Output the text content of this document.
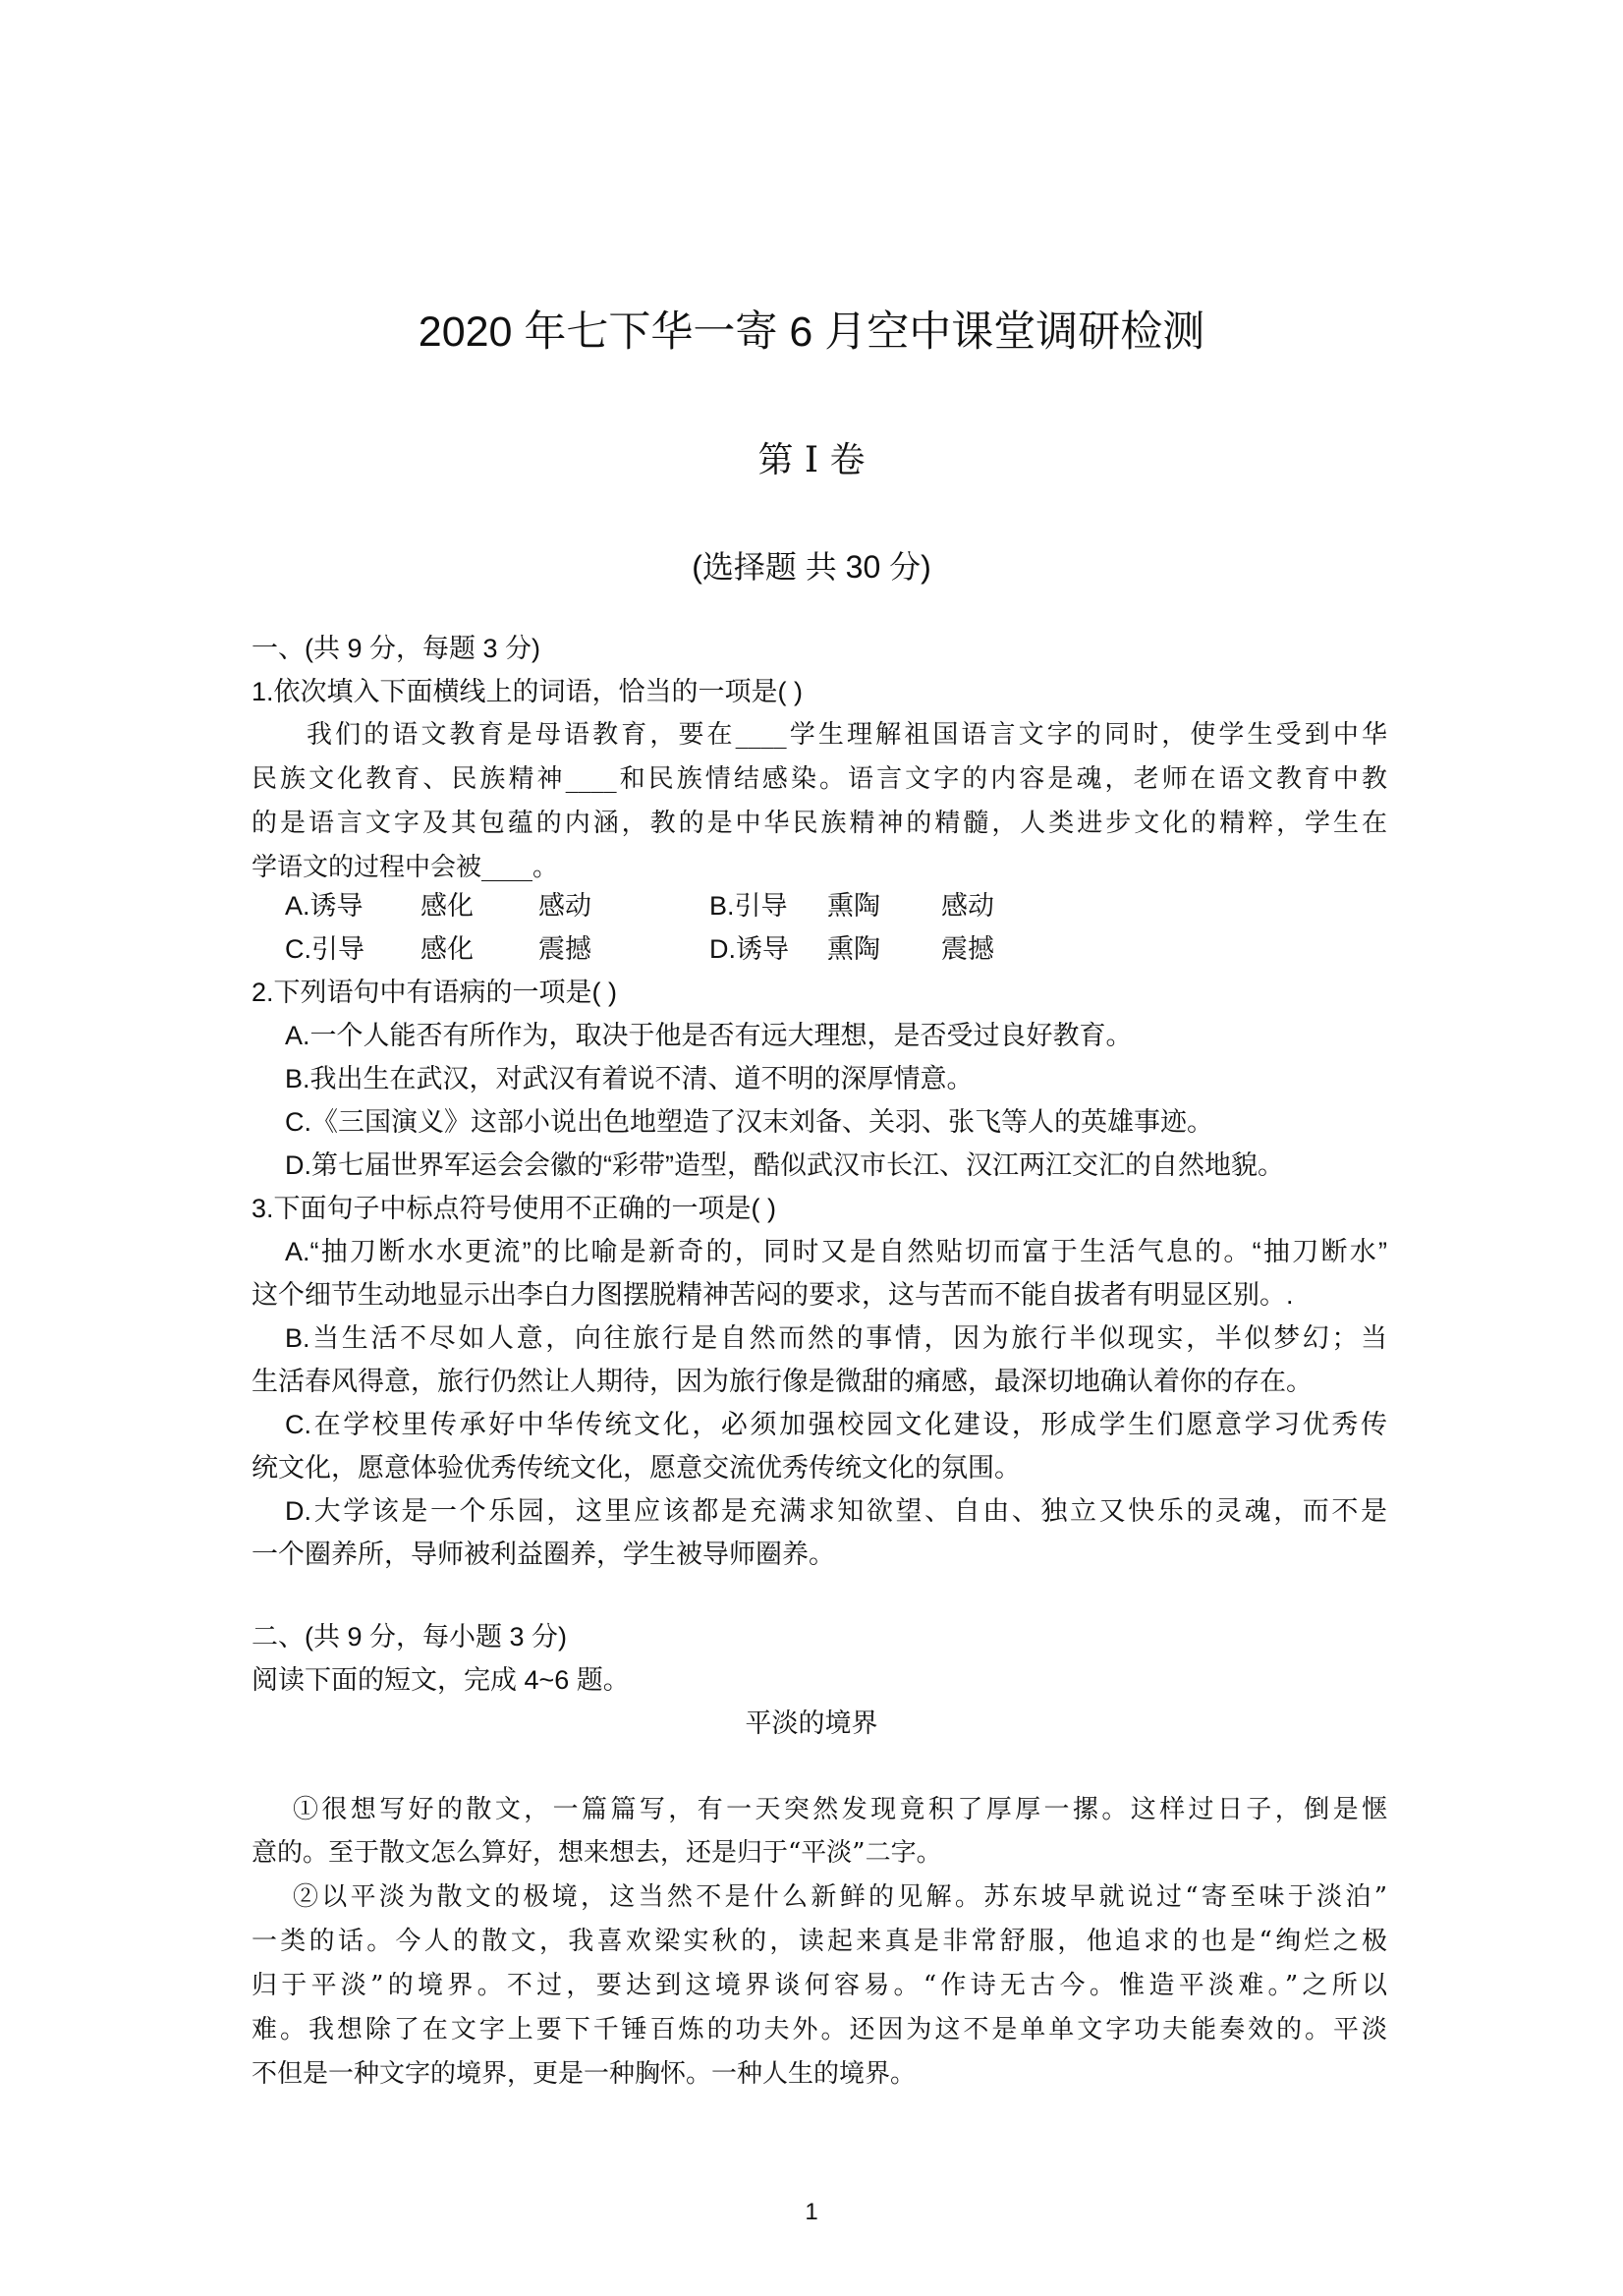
2020 年七下华一寄 6 月空中课堂调研检测
第 I 卷
(选择题 共 30 分)
一、(共 9 分，每题 3 分)
1.依次填入下面横线上的词语，恰当的一项是( )
我们的语文教育是母语教育，要在____学生理解祖国语言文字的同时，使学生受到中华
民族文化教育、民族精神____和民族情结感染。语言文字的内容是魂，老师在语文教育中教
的是语言文字及其包蕴的内涵，教的是中华民族精神的精髓，人类进步文化的精粹，学生在
学语文的过程中会被____。
A.诱导 感化 感动	B.引导 熏陶 感动
C.引导 感化 震撼	D.诱导 熏陶 震撼
2.下列语句中有语病的一项是( )
A.一个人能否有所作为，取决于他是否有远大理想，是否受过良好教育。
B.我出生在武汉，对武汉有着说不清、道不明的深厚情意。
C.《三国演义》这部小说出色地塑造了汉末刘备、关羽、张飞等人的英雄事迹。
D.第七届世界军运会会徽的“彩带”造型，酷似武汉市长江、汉江两江交汇的自然地貌。
3.下面句子中标点符号使用不正确的一项是( )
A.“抽刀断水水更流”的比喻是新奇的，同时又是自然贴切而富于生活气息的。“抽刀断水”
这个细节生动地显示出李白力图摆脱精神苦闷的要求，这与苦而不能自拔者有明显区别。.
B.当生活不尽如人意，向往旅行是自然而然的事情，因为旅行半似现实，半似梦幻；当
生活春风得意，旅行仍然让人期待，因为旅行像是微甜的痛感，最深切地确认着你的存在。
C.在学校里传承好中华传统文化，必须加强校园文化建设，形成学生们愿意学习优秀传
统文化，愿意体验优秀传统文化，愿意交流优秀传统文化的氛围。
D.大学该是一个乐园，这里应该都是充满求知欲望、自由、独立又快乐的灵魂，而不是
一个圈养所，导师被利益圈养，学生被导师圈养。
二、(共 9 分，每小题 3 分)
阅读下面的短文，完成 4~6 题。
平淡的境界
①很想写好的散文，一篇篇写，有一天突然发现竟积了厚厚一摞。这样过日子，倒是惬
意的。至于散文怎么算好，想来想去，还是归于“平淡”二字。
②以平淡为散文的极境，这当然不是什么新鲜的见解。苏东坡早就说过“寄至味于淡泊”
一类的话。今人的散文，我喜欢梁实秋的，读起来真是非常舒服，他追求的也是“绚烂之极
归于平淡”的境界。不过，要达到这境界谈何容易。“作诗无古今。惟造平淡难。”之所以
难。我想除了在文字上要下千锤百炼的功夫外。还因为这不是单单文字功夫能奏效的。平淡
不但是一种文字的境界，更是一种胸怀。一种人生的境界。
1
